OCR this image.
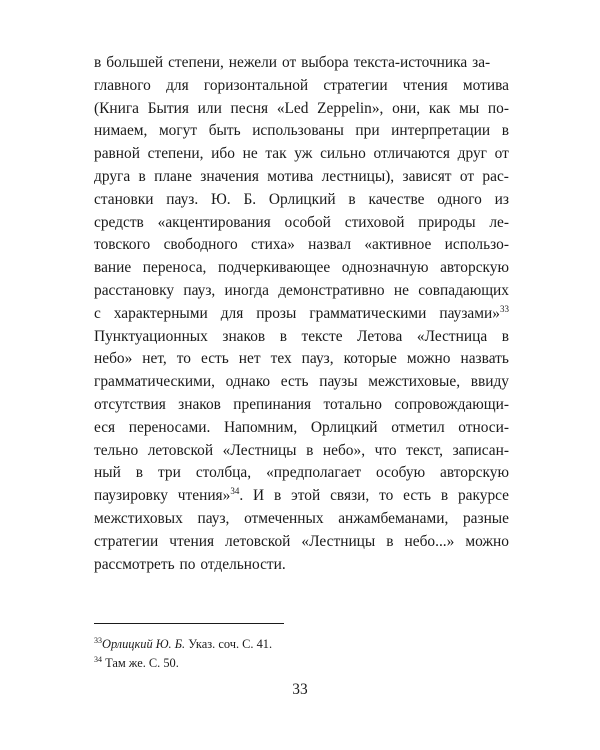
в большей степени, нежели от выбора текста-источника за-
главного для горизонтальной стратегии чтения мотива
(Книга Бытия или песня «Led Zeppelin», они, как мы по-
нимаем, могут быть использованы при интерпретации в
равной степени, ибо не так уж сильно отличаются друг от
друга в плане значения мотива лестницы), зависят от рас-
становки пауз. Ю. Б. Орлицкий в качестве одного из
средств «акцентирования особой стиховой природы ле-
товского свободного стиха» назвал «активное использо-
вание переноса, подчеркивающее однозначную авторскую
расстановку пауз, иногда демонстративно не совпадающих
с характерными для прозы грамматическими паузами»$^{33}$
Пунктуационных знаков в тексте Летова «Лестница в
небо» нет, то есть нет тех пауз, которые можно назвать
грамматическими, однако есть паузы межстиховые, ввиду
отсутствия знаков препинания тотально сопровождающи-
еся переносами. Напомним, Орлицкий отметил относи-
тельно летовской «Лестницы в небо», что текст, записан-
ный в три столбца, «предполагает особую авторскую
паузировку чтения»$^{34}$. И в этой связи, то есть в ракурсе
межстиховых пауз, отмеченных анжамбеманами, разные
стратегии чтения летовской «Лестницы в небо...» можно
рассмотреть по отдельности.
$^{33}$Орлицкий Ю. Б. Указ. соч. С. 41.
$^{34}$ Там же. С. 50.
33
